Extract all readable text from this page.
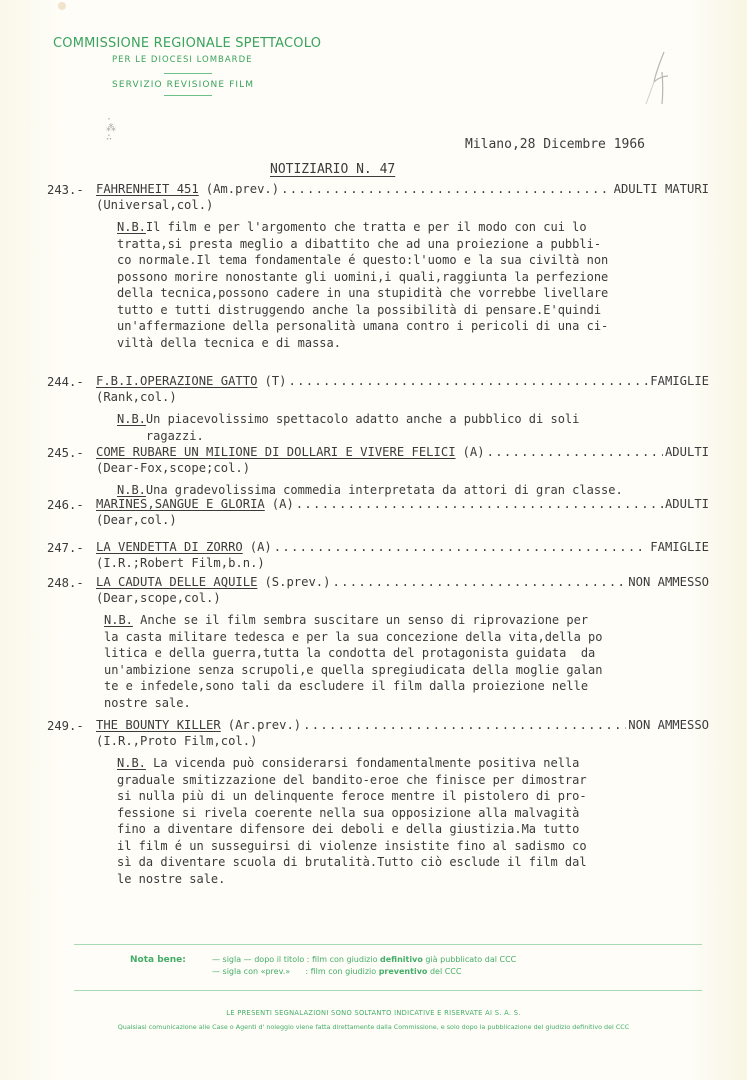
COMMISSIONE REGIONALE SPETTACOLO
PER LE DIOCESI LOMBARDE
SERVIZIO REVISIONE FILM
·
⁂
∴	Milano,28 Dicembre 1966
NOTIZIARIO N. 47
243.- FAHRENHEIT 451 (Am.prev.) .....	ADULTI MATURI
(Universal,col.)
N.B.Il film e per l'argomento che tratta e per il modo con cui lo
tratta,si presta meglio a dibattito che ad una proiezione a pubbli-
co normale.Il tema fondamentale é questo:l'uomo e la sua civiltà non
possono morire nonostante gli uomini,i quali,raggiunta la perfezione
della tecnica,possono cadere in una stupidità che vorrebbe livellare
tutto e tutti distruggendo anche la possibilità di pensare.E'quindi
un'affermazione della personalità umana contro i pericoli di una ci-
viltà della tecnica e di massa.
244.- F.B.I.OPERAZIONE GATTO (T) .....	FAMIGLIE
(Rank,col.)
N.B.Un piacevolissimo spettacolo adatto anche a pubblico di soli
ragazzi.
245.- COME RUBARE UN MILIONE DI DOLLARI E VIVERE FELICI (A) .....	ADULTI
(Dear-Fox,scope;col.)
N.B.Una gradevolissima commedia interpretata da attori di gran classe.
246.- MARINES,SANGUE E GLORIA (A) .....	ADULTI
(Dear,col.)
247.- LA VENDETTA DI ZORRO (A) .....	FAMIGLIE
(I.R.;Robert Film,b.n.)
248.- LA CADUTA DELLE AQUILE (S.prev.) .....	NON AMMESSO
(Dear,scope,col.)
N.B. Anche se il film sembra suscitare un senso di riprovazione per
la casta militare tedesca e per la sua concezione della vita,della po
litica e della guerra,tutta la condotta del protagonista guidata  da
un'ambizione senza scrupoli,e quella spregiudicata della moglie galan
te e infedele,sono tali da escludere il film dalla proiezione nelle
nostre sale.
249.- THE BOUNTY KILLER (Ar.prev.) .....	NON AMMESSO
(I.R.,Proto Film,col.)
N.B. La vicenda può considerarsi fondamentalmente positiva nella
graduale smitizzazione del bandito-eroe che finisce per dimostrar
si nulla più di un delinquente feroce mentre il pistolero di pro-
fessione si rivela coerente nella sua opposizione alla malvagità
fino a diventare difensore dei deboli e della giustizia.Ma tutto
il film é un susseguirsi di violenze insistite fino al sadismo co
sì da diventare scuola di brutalità.Tutto ciò esclude il film dal
le nostre sale.
Nota bene:	— sigla — dopo il titolo : film con giudizio definitivo già pubblicato dal CCC
— sigla con «prev.»      : film con giudizio preventivo del CCC
LE PRESENTI SEGNALAZIONI SONO SOLTANTO INDICATIVE E RISERVATE AI S. A. S.
Qualsiasi comunicazione alle Case o Agenti d' noleggio viene fatta direttamente dalla Commissione, e solo dopo la pubblicazione del giudizio definitivo del CCC
